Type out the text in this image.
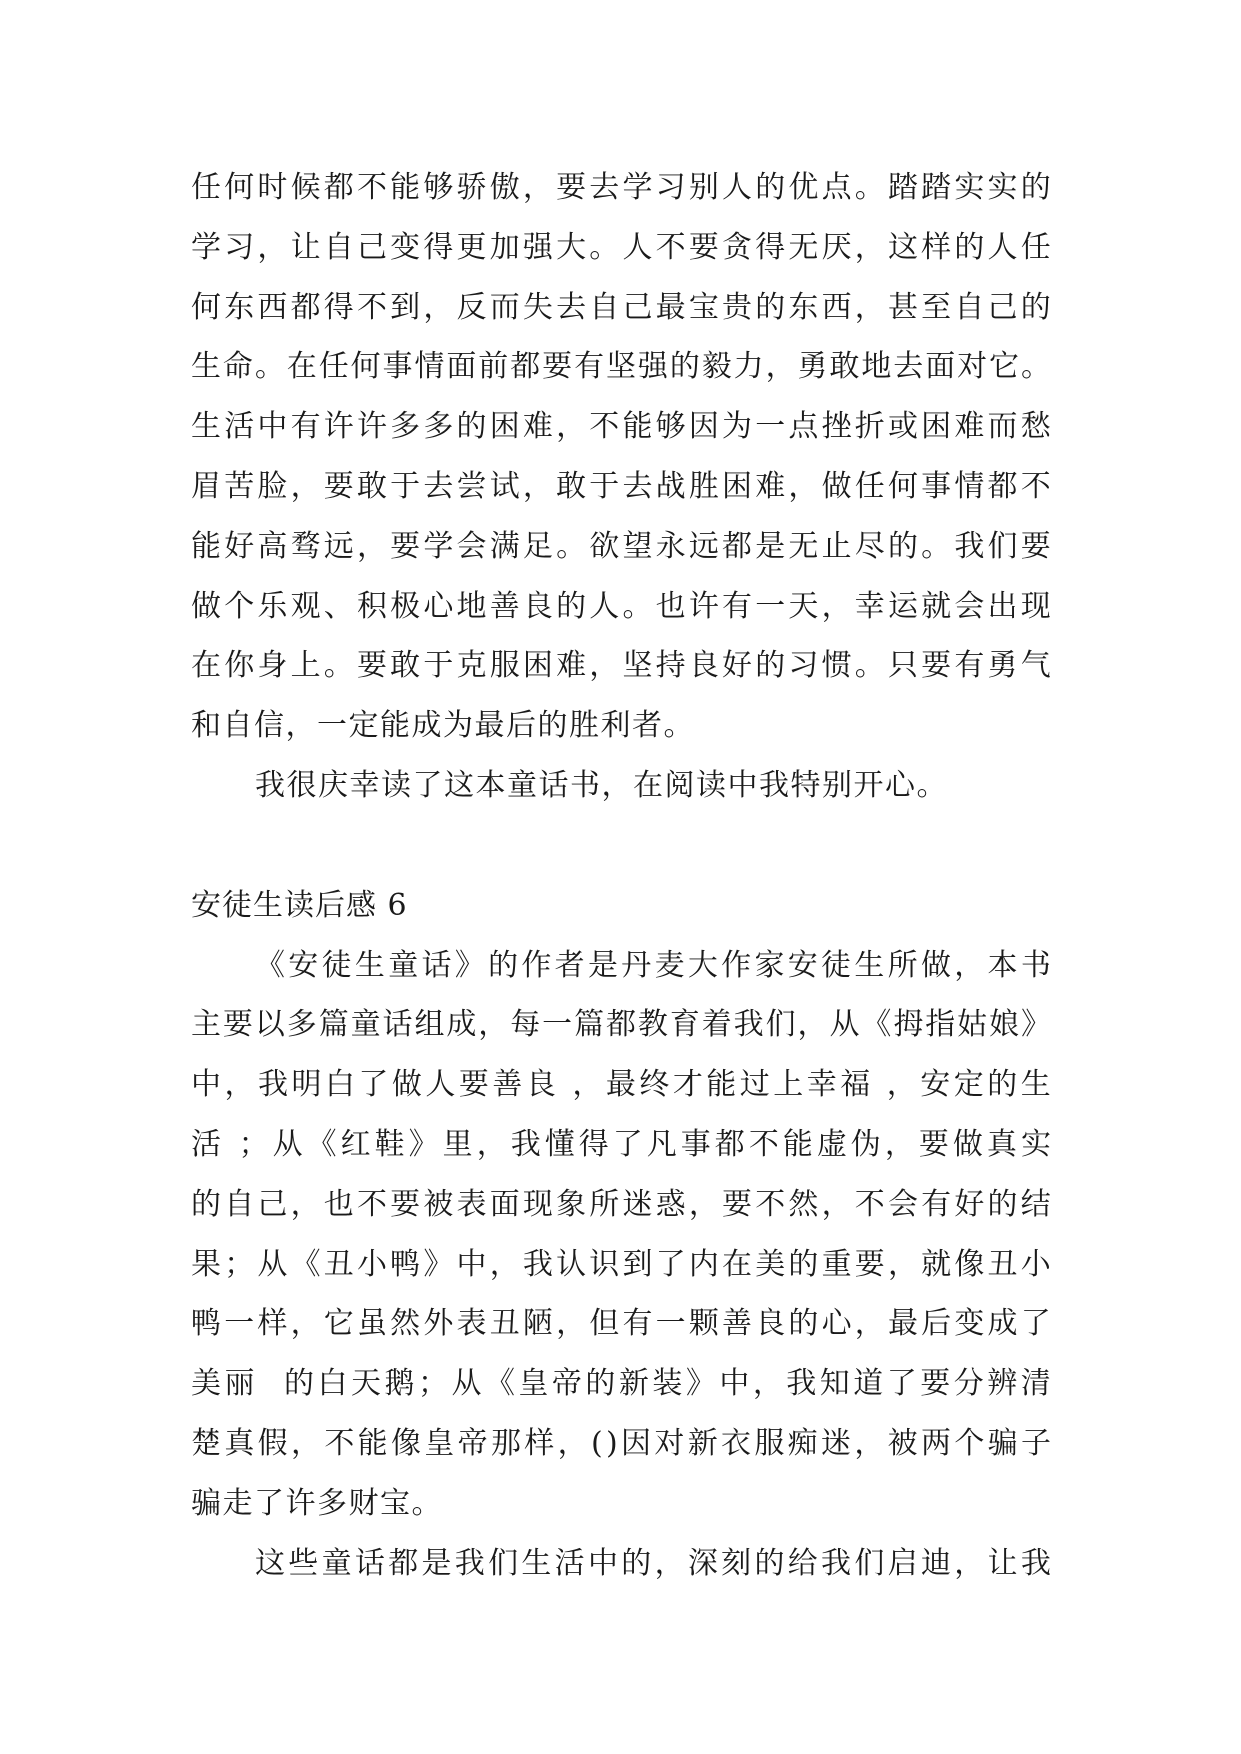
任 何 时 候 都 不 能 够 骄 傲 ， 要 去 学 习 别 人 的 优 点 。 踏 踏 实 实 的
学 习 ， 让 自 己 变 得 更 加 强 大 。 人 不 要 贪 得 无 厌 ， 这 样 的 人 任
何 东 西 都 得 不 到 ， 反 而 失 去 自 己 最 宝 贵 的 东 西 ， 甚 至 自 己 的
生 命 。 在 任 何 事 情 面 前 都 要 有 坚 强 的 毅 力 ， 勇 敢 地 去 面 对 它 。
生 活 中 有 许 许 多 多 的 困 难 ， 不 能 够 因 为 一 点 挫 折 或 困 难 而 愁
眉 苦 脸 ， 要 敢 于 去 尝 试 ， 敢 于 去 战 胜 困 难 ， 做 任 何 事 情 都 不
能 好 高 骛 远 ， 要 学 会 满 足 。 欲 望 永 远 都 是 无 止 尽 的 。 我 们 要
做 个 乐 观 、 积 极 心 地 善 良 的 人 。 也 许 有 一 天 ， 幸 运 就 会 出 现
在 你 身 上 。 要 敢 于 克 服 困 难 ， 坚 持 良 好 的 习 惯 。 只 要 有 勇 气
和自信，一定能成为最后的胜利者。
我很庆幸读了这本童话书，在阅读中我特别开心。
安徒生读后感 6
《 安 徒 生 童 话 》 的 作 者 是 丹 麦 大 作 家 安 徒 生 所 做 ， 本 书
主 要 以 多 篇 童 话 组 成 ， 每 一 篇 都 教 育 着 我 们 ， 从 《 拇 指 姑 娘 》
中 ， 我 明 白 了 做 人 要 善 良
， 最 终 才 能 过 上 幸 福
， 安 定 的 生
活
； 从 《 红 鞋 》 里 ， 我 懂 得 了 凡 事 都 不 能 虚 伪 ， 要 做 真 实
的 自 己 ， 也 不 要 被 表 面 现 象 所 迷 惑 ， 要 不 然 ， 不 会 有 好 的 结
果 ； 从 《 丑 小 鸭 》 中 ， 我 认 识 到 了 内 在 美 的 重 要 ， 就 像 丑 小
鸭 一 样 ， 它 虽 然 外 表 丑 陋 ， 但 有 一 颗 善 良 的 心 ， 最 后 变 成 了
美 丽

的 白 天 鹅 ； 从 《 皇 帝 的 新 装 》 中 ， 我 知 道 了 要 分 辨 清
楚 真 假 ， 不 能 像 皇 帝 那 样 ， ( ) 因 对 新 衣 服 痴 迷 ， 被 两 个 骗 子
骗走了许多财宝。
这 些 童 话 都 是 我 们 生 活 中 的 ， 深 刻 的 给 我 们 启 迪 ， 让 我
